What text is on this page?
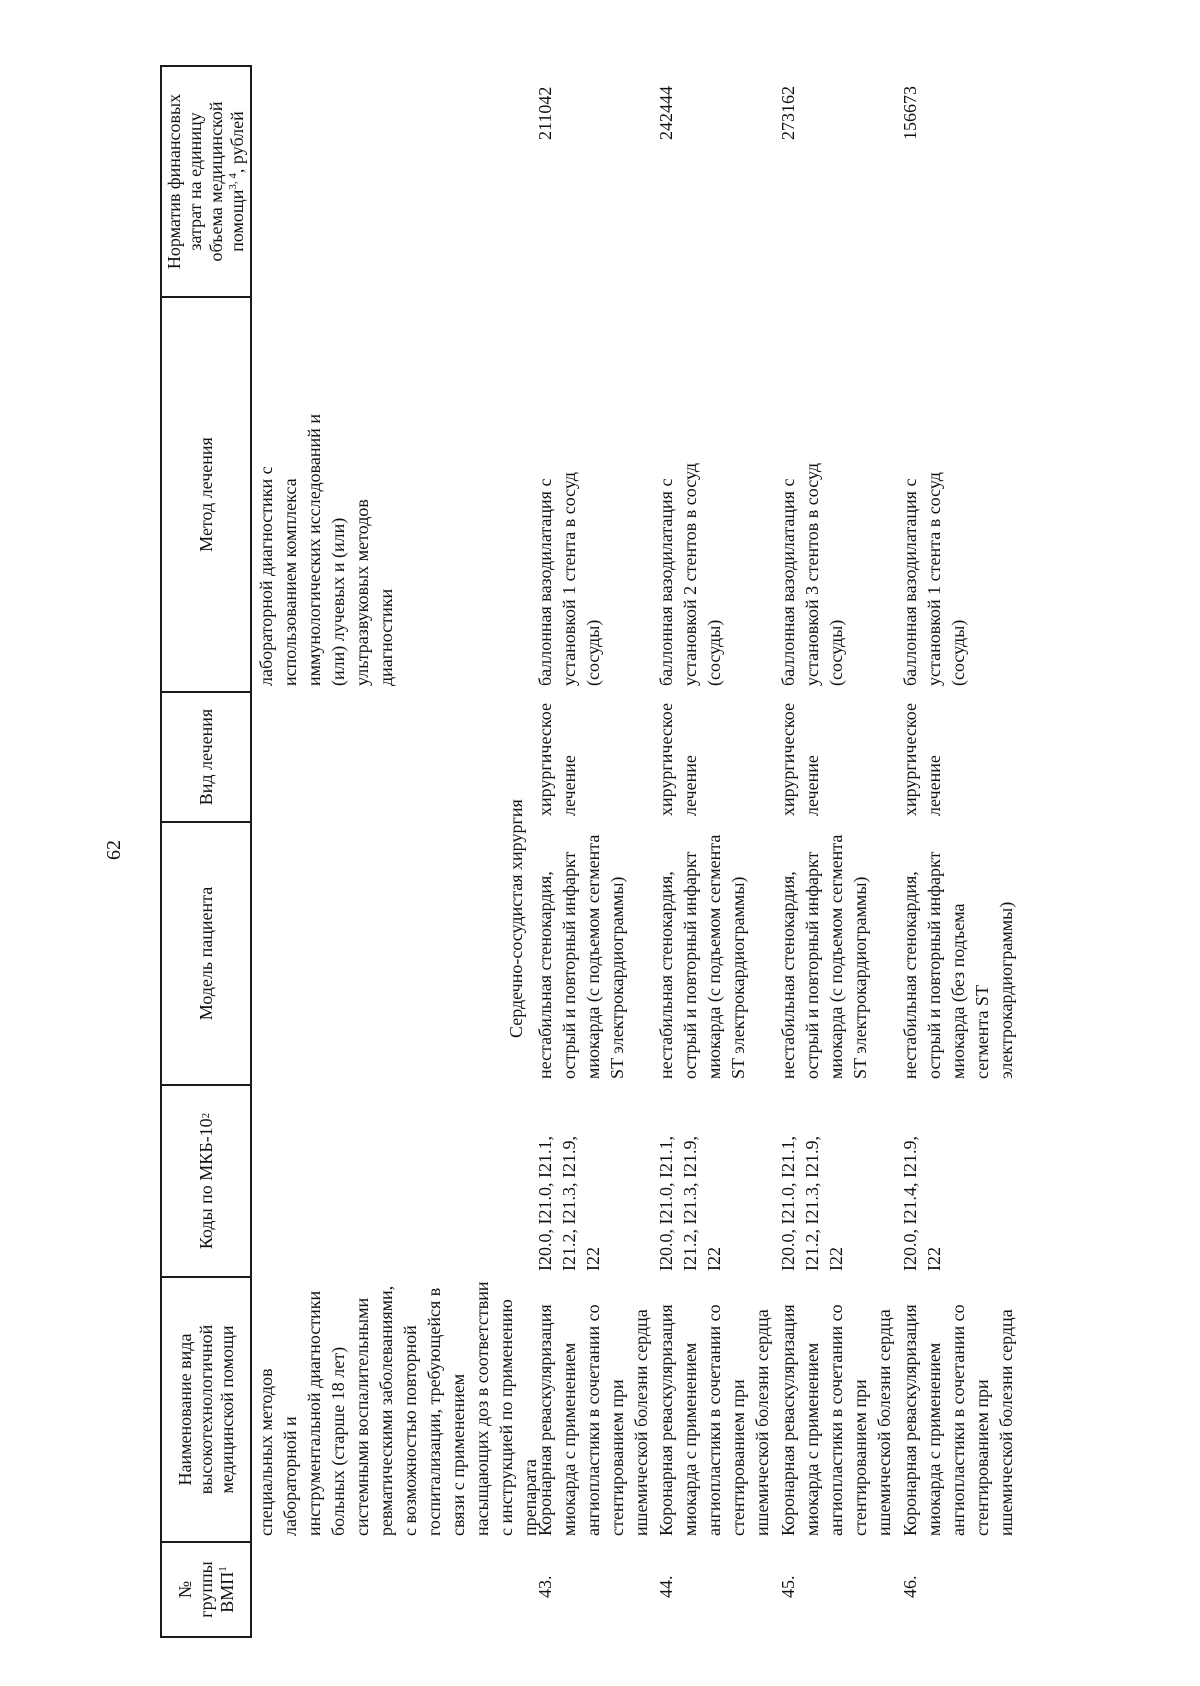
62
№ группы ВМП$^1$
Наименование вида высокотехнологичной медицинской помощи
Коды по МКБ-10
2
Модель пациента
Вид лечения
Метод лечения
Норматив финансовых затрат на единицу объема медицинской помощи$^{3, 4}$, рублей
специальных методов лабораторной и инструментальной диагностики больных (старше 18 лет) системными воспалительными ревматическими заболеваниями, с возможностью повторной госпитализации, требующейся в связи с применением насыщающих доз в соответствии с инструкцией по применению препарата
лабораторной диагностики с использованием комплекса иммунологических исследований и (или) лучевых и (или) ультразвуковых методов диагностики
Сердечно-сосудистая хирургия
43.
Коронарная реваскуляризация миокарда с применением ангиопластики в сочетании со стентированием при ишемической болезни сердца
I20.0, I21.0, I21.1, I21.2, I21.3, I21.9, I22
нестабильная стенокардия, острый и повторный инфаркт миокарда (с подъемом сегмента ST электрокардиограммы)
хирургическое лечение
баллонная вазодилатация с установкой 1 стента в сосуд (сосуды)
211042
44.
Коронарная реваскуляризация миокарда с применением ангиопластики в сочетании со стентированием при ишемической болезни сердца
I20.0, I21.0, I21.1, I21.2, I21.3, I21.9, I22
нестабильная стенокардия, острый и повторный инфаркт миокарда (с подъемом сегмента ST электрокардиограммы)
хирургическое лечение
баллонная вазодилатация с установкой 2 стентов в сосуд (сосуды)
242444
45.
Коронарная реваскуляризация миокарда с применением ангиопластики в сочетании со стентированием при ишемической болезни сердца
I20.0, I21.0, I21.1, I21.2, I21.3, I21.9, I22
нестабильная стенокардия, острый и повторный инфаркт миокарда (с подъемом сегмента ST электрокардиограммы)
хирургическое лечение
баллонная вазодилатация с установкой 3 стентов в сосуд (сосуды)
273162
46.
Коронарная реваскуляризация миокарда с применением ангиопластики в сочетании со стентированием при ишемической болезни сердца
I20.0, I21.4, I21.9, I22
нестабильная стенокардия, острый и повторный инфаркт миокарда (без подъема сегмента ST электрокардиограммы)
хирургическое лечение
баллонная вазодилатация с установкой 1 стента в сосуд (сосуды)
156673
